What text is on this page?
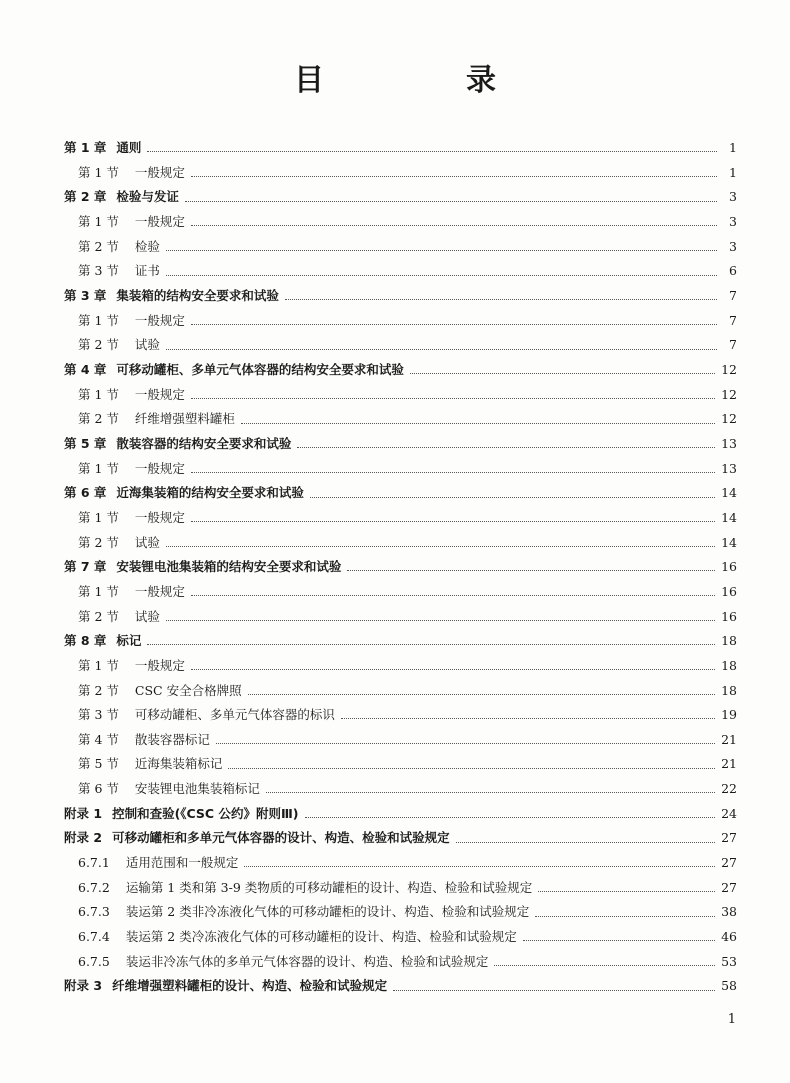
目　录
第 1 章 通则	1
第 1 节 一般规定	1
第 2 章 检验与发证	3
第 1 节 一般规定	3
第 2 节 检验	3
第 3 节 证书	6
第 3 章 集装箱的结构安全要求和试验	7
第 1 节 一般规定	7
第 2 节 试验	7
第 4 章 可移动罐柜、多单元气体容器的结构安全要求和试验	12
第 1 节 一般规定	12
第 2 节 纤维增强塑料罐柜	12
第 5 章 散装容器的结构安全要求和试验	13
第 1 节 一般规定	13
第 6 章 近海集装箱的结构安全要求和试验	14
第 1 节 一般规定	14
第 2 节 试验	14
第 7 章 安装锂电池集装箱的结构安全要求和试验	16
第 1 节 一般规定	16
第 2 节 试验	16
第 8 章 标记	18
第 1 节 一般规定	18
第 2 节 CSC 安全合格牌照	18
第 3 节 可移动罐柜、多单元气体容器的标识	19
第 4 节 散装容器标记	21
第 5 节 近海集装箱标记	21
第 6 节 安装锂电池集装箱标记	22
附录 1 控制和查验(《CSC 公约》附则Ⅲ)	24
附录 2 可移动罐柜和多单元气体容器的设计、构造、检验和试验规定	27
6.7.1 适用范围和一般规定	27
6.7.2 运输第 1 类和第 3-9 类物质的可移动罐柜的设计、构造、检验和试验规定	27
6.7.3 装运第 2 类非冷冻液化气体的可移动罐柜的设计、构造、检验和试验规定	38
6.7.4 装运第 2 类冷冻液化气体的可移动罐柜的设计、构造、检验和试验规定	46
6.7.5 装运非冷冻气体的多单元气体容器的设计、构造、检验和试验规定	53
附录 3 纤维增强塑料罐柜的设计、构造、检验和试验规定	58
1
